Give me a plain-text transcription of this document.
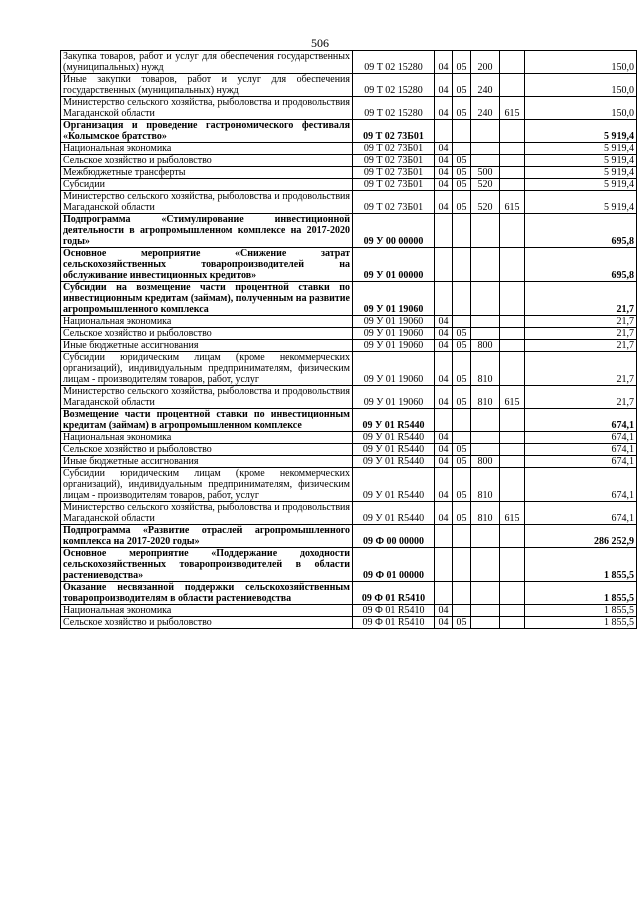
506
Закупка товаров, работ и услуг для обеспечения государственных (муниципальных) нужд	09 Т 02 15280	04	05	200		150,0
Иные закупки товаров, работ и услуг для обеспечения государственных (муниципальных) нужд	09 Т 02 15280	04	05	240		150,0
Министерство сельского хозяйства, рыболовства и продовольствия Магаданской области	09 Т 02 15280	04	05	240	615	150,0
Организация и проведение гастрономического фестиваля «Колымское братство»	09 Т 02 73Б01					5 919,4
Национальная экономика	09 Т 02 73Б01	04				5 919,4
Сельское хозяйство и рыболовство	09 Т 02 73Б01	04	05			5 919,4
Межбюджетные трансферты	09 Т 02 73Б01	04	05	500		5 919,4
Субсидии	09 Т 02 73Б01	04	05	520		5 919,4
Министерство сельского хозяйства, рыболовства и продовольствия Магаданской области	09 Т 02 73Б01	04	05	520	615	5 919,4
Подпрограмма «Стимулирование инвестиционной деятельности в агропромышленном комплексе на 2017-2020 годы»	09 У 00 00000					695,8
Основное мероприятие «Снижение затрат сельскохозяйственных товаропроизводителей на обслуживание инвестиционных кредитов»	09 У 01 00000					695,8
Субсидии на возмещение части процентной ставки по инвестиционным кредитам (займам), полученным на развитие агропромышленного комплекса	09 У 01 19060					21,7
Национальная экономика	09 У 01 19060	04				21,7
Сельское хозяйство и рыболовство	09 У 01 19060	04	05			21,7
Иные бюджетные ассигнования	09 У 01 19060	04	05	800		21,7
Субсидии юридическим лицам (кроме некоммерческих организаций), индивидуальным предпринимателям, физическим лицам - производителям товаров, работ, услуг	09 У 01 19060	04	05	810		21,7
Министерство сельского хозяйства, рыболовства и продовольствия Магаданской области	09 У 01 19060	04	05	810	615	21,7
Возмещение части процентной ставки по инвестиционным кредитам (займам) в агропромышленном комплексе	09 У 01 R5440					674,1
Национальная экономика	09 У 01 R5440	04				674,1
Сельское хозяйство и рыболовство	09 У 01 R5440	04	05			674,1
Иные бюджетные ассигнования	09 У 01 R5440	04	05	800		674,1
Субсидии юридическим лицам (кроме некоммерческих организаций), индивидуальным предпринимателям, физическим лицам - производителям товаров, работ, услуг	09 У 01 R5440	04	05	810		674,1
Министерство сельского хозяйства, рыболовства и продовольствия Магаданской области	09 У 01 R5440	04	05	810	615	674,1
Подпрограмма «Развитие отраслей агропромышленного комплекса на 2017-2020 годы»	09 Ф 00 00000					286 252,9
Основное мероприятие «Поддержание доходности сельскохозяйственных товаропроизводителей в области растениеводства»	09 Ф 01 00000					1 855,5
Оказание несвязанной поддержки сельскохозяйственным товаропроизводителям в области растениеводства	09 Ф 01 R5410					1 855,5
Национальная экономика	09 Ф 01 R5410	04				1 855,5
Сельское хозяйство и рыболовство	09 Ф 01 R5410	04	05			1 855,5
